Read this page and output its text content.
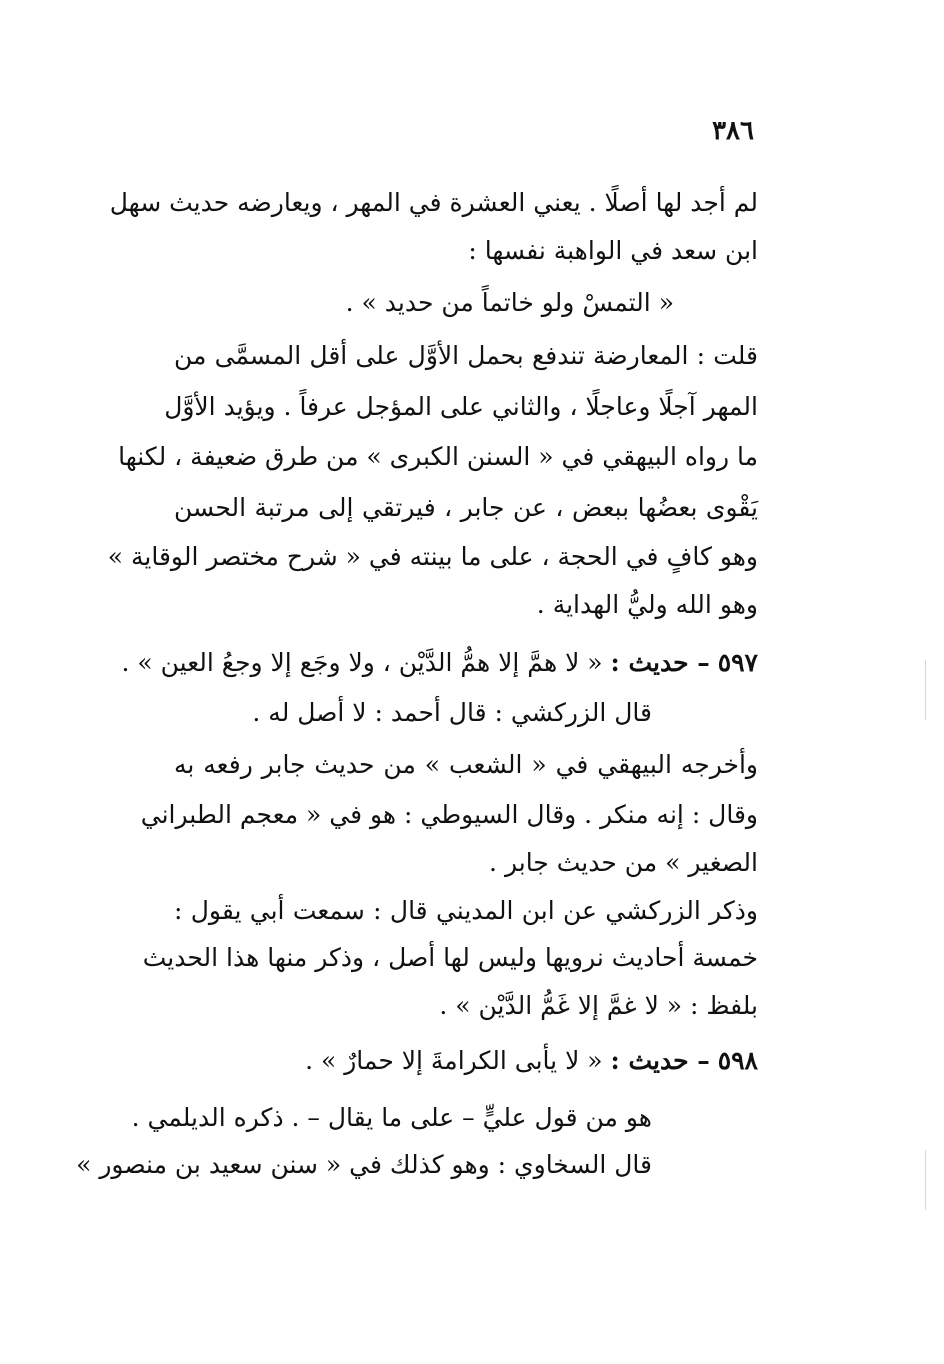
٣٨٦
لم أجد لها أصلًا . يعني العشرة في المهر ، ويعارضه حديث سهل
ابن سعد في الواهبة نفسها :
« التمسْ ولو خاتماً من حديد » .
قلت : المعارضة تندفع بحمل الأوَّل على أقل المسمَّى من
المهر آجلًا وعاجلًا ، والثاني على المؤجل عرفاً . ويؤيد الأوَّل
ما رواه البيهقي في « السنن الكبرى » من طرق ضعيفة ، لكنها
يَقْوى بعضُها ببعض ، عن جابر ، فيرتقي إلى مرتبة الحسن
وهو كافٍ في الحجة ، على ما بينته في « شرح مختصر الوقاية »
وهو الله وليُّ الهداية .
٥٩٧ – حديث : « لا همَّ إلا همُّ الدَّيْن ، ولا وجَع إلا وجعُ العين » .
قال الزركشي : قال أحمد : لا أصل له .
وأخرجه البيهقي في « الشعب » من حديث جابر رفعه به
وقال : إنه منكر . وقال السيوطي : هو في « معجم الطبراني
الصغير » من حديث جابر .
وذكر الزركشي عن ابن المديني قال : سمعت أبي يقول :
خمسة أحاديث نرويها وليس لها أصل ، وذكر منها هذا الحديث
بلفظ : « لا غمَّ إلا غَمُّ الدَّيْن » .
٥٩٨ – حديث : « لا يأبى الكرامةَ إلا حمارٌ » .
هو من قول عليٍّ – على ما يقال – . ذكره الديلمي .
قال السخاوي : وهو كذلك في « سنن سعيد بن منصور »
